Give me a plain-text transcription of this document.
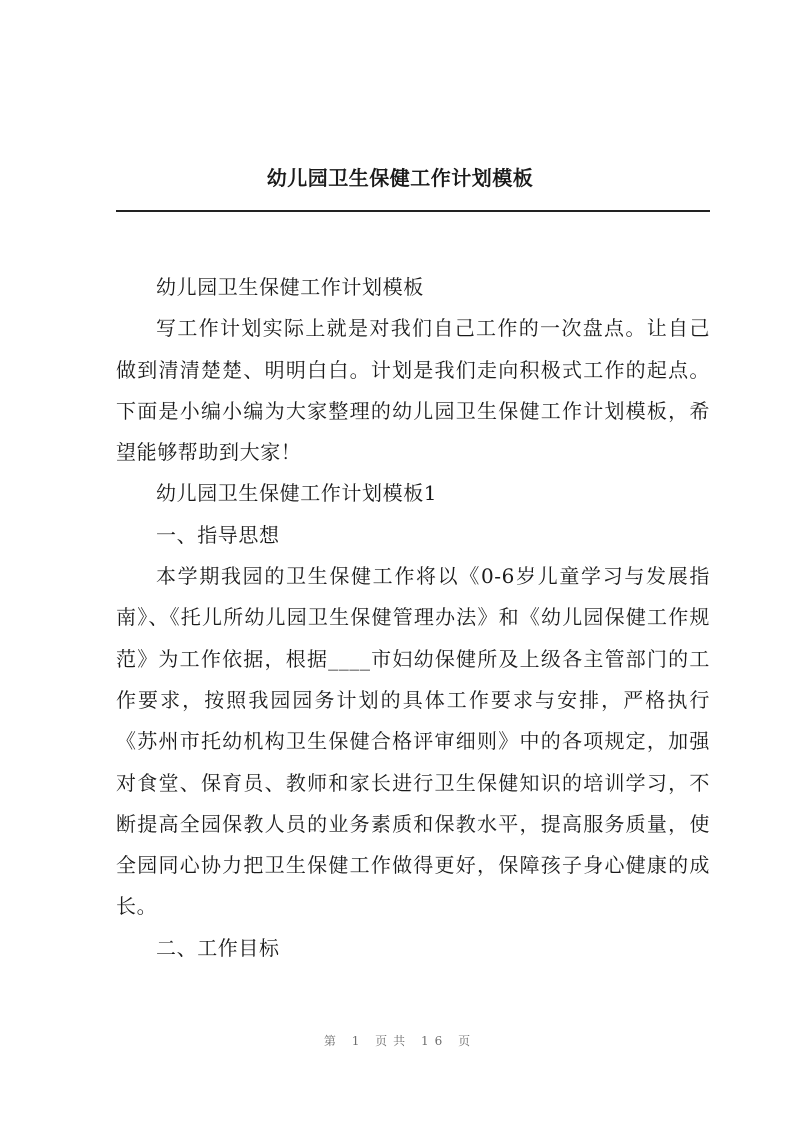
幼儿园卫生保健工作计划模板

幼儿园卫生保健工作计划模板

写工作计划实际上就是对我们自己工作的一次盘点。让自己做到清清楚楚、明明白白。计划是我们走向积极式工作的起点。下面是小编小编为大家整理的幼儿园卫生保健工作计划模板，希望能够帮助到大家！

幼儿园卫生保健工作计划模板1

一、指导思想

本学期我园的卫生保健工作将以《0-6岁儿童学习与发展指南》、《托儿所幼儿园卫生保健管理办法》和《幼儿园保健工作规范》为工作依据，根据____市妇幼保健所及上级各主管部门的工作要求，按照我园园务计划的具体工作要求与安排，严格执行《苏州市托幼机构卫生保健合格评审细则》中的各项规定，加强对食堂、保育员、教师和家长进行卫生保健知识的培训学习，不断提高全园保教人员的业务素质和保教水平，提高服务质量，使全园同心协力把卫生保健工作做得更好，保障孩子身心健康的成长。

二、工作目标

第 1 页共 16 页
